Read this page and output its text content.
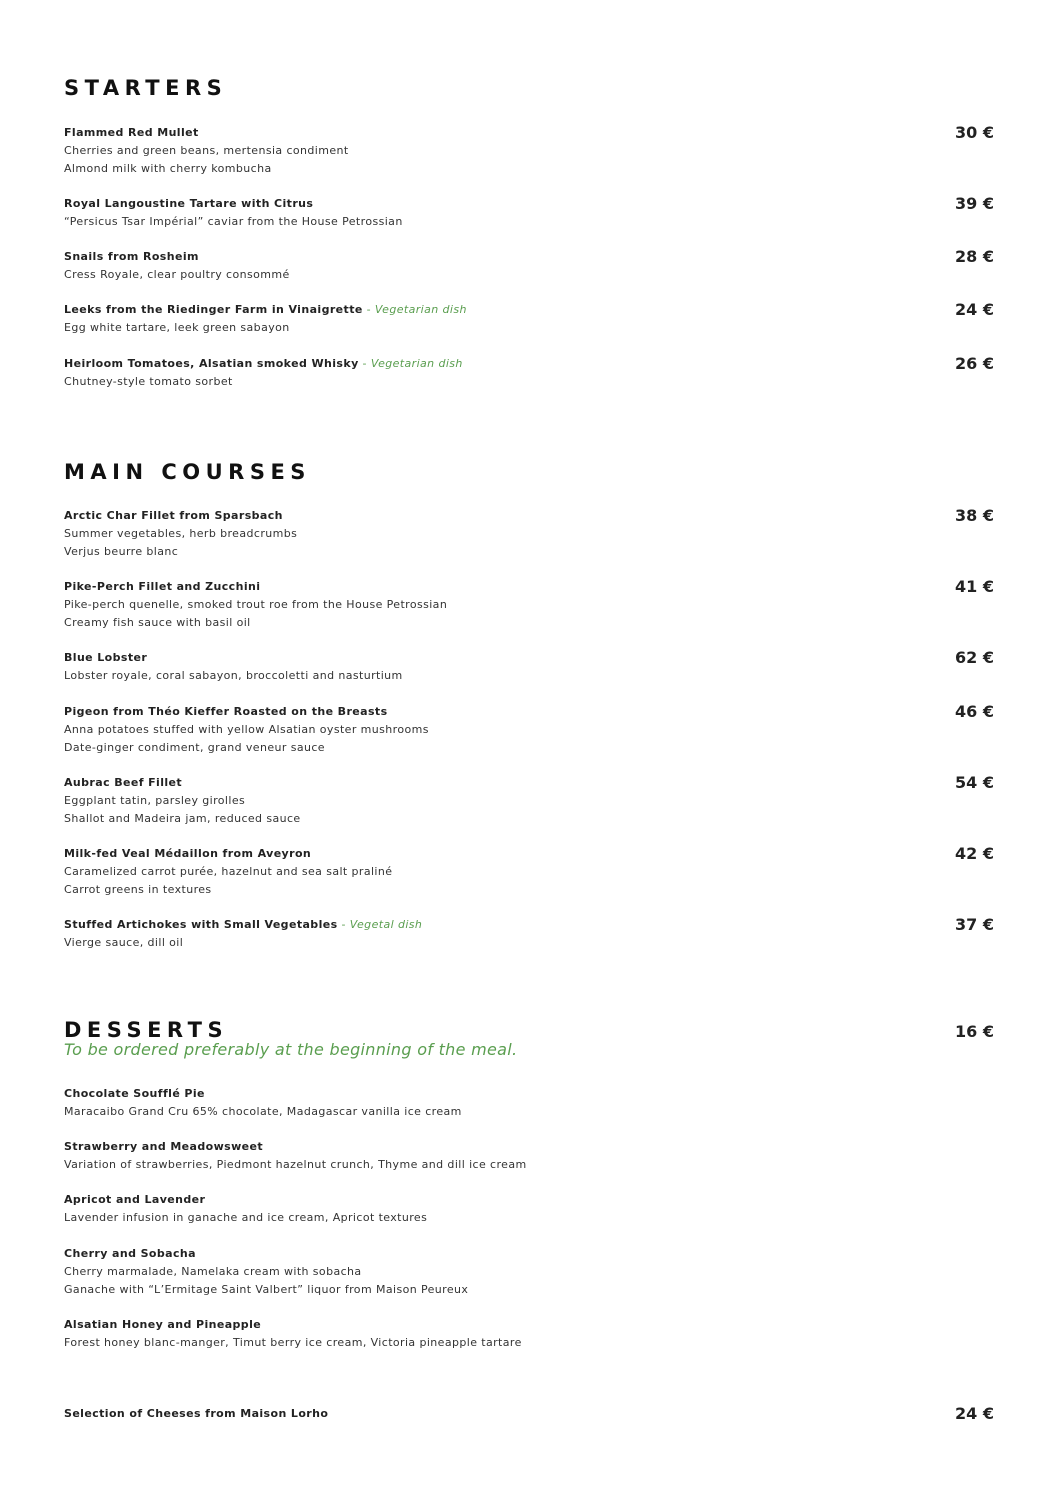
STARTERS
Flammed Red Mullet
Cherries and green beans, mertensia condiment
Almond milk with cherry kombucha
30 €
Royal Langoustine Tartare with Citrus
“Persicus Tsar Impérial” caviar from the House Petrossian
39 €
Snails from Rosheim
Cress Royale, clear poultry consommé
28 €
Leeks from the Riedinger Farm in Vinaigrette - Vegetarian dish
Egg white tartare, leek green sabayon
24 €
Heirloom Tomatoes, Alsatian smoked Whisky - Vegetarian dish
Chutney-style tomato sorbet
26 €
MAIN COURSES
Arctic Char Fillet from Sparsbach
Summer vegetables, herb breadcrumbs
Verjus beurre blanc
38 €
Pike-Perch Fillet and Zucchini
Pike-perch quenelle, smoked trout roe from the House Petrossian
Creamy fish sauce with basil oil
41 €
Blue Lobster
Lobster royale, coral sabayon, broccoletti and nasturtium
62 €
Pigeon from Théo Kieffer Roasted on the Breasts
Anna potatoes stuffed with yellow Alsatian oyster mushrooms
Date-ginger condiment, grand veneur sauce
46 €
Aubrac Beef Fillet
Eggplant tatin, parsley girolles
Shallot and Madeira jam, reduced sauce
54 €
Milk-fed Veal Médaillon from Aveyron
Caramelized carrot purée, hazelnut and sea salt praliné
Carrot greens in textures
42 €
Stuffed Artichokes with Small Vegetables - Vegetal dish
Vierge sauce, dill oil
37 €
DESSERTS	16 €
To be ordered preferably at the beginning of the meal.
Chocolate Soufflé Pie
Maracaibo Grand Cru 65% chocolate, Madagascar vanilla ice cream
Strawberry and Meadowsweet
Variation of strawberries, Piedmont hazelnut crunch, Thyme and dill ice cream
Apricot and Lavender
Lavender infusion in ganache and ice cream, Apricot textures
Cherry and Sobacha
Cherry marmalade, Namelaka cream with sobacha
Ganache with “L’Ermitage Saint Valbert” liquor from Maison Peureux
Alsatian Honey and Pineapple
Forest honey blanc-manger, Timut berry ice cream, Victoria pineapple tartare
Selection of Cheeses from Maison Lorho	24 €
